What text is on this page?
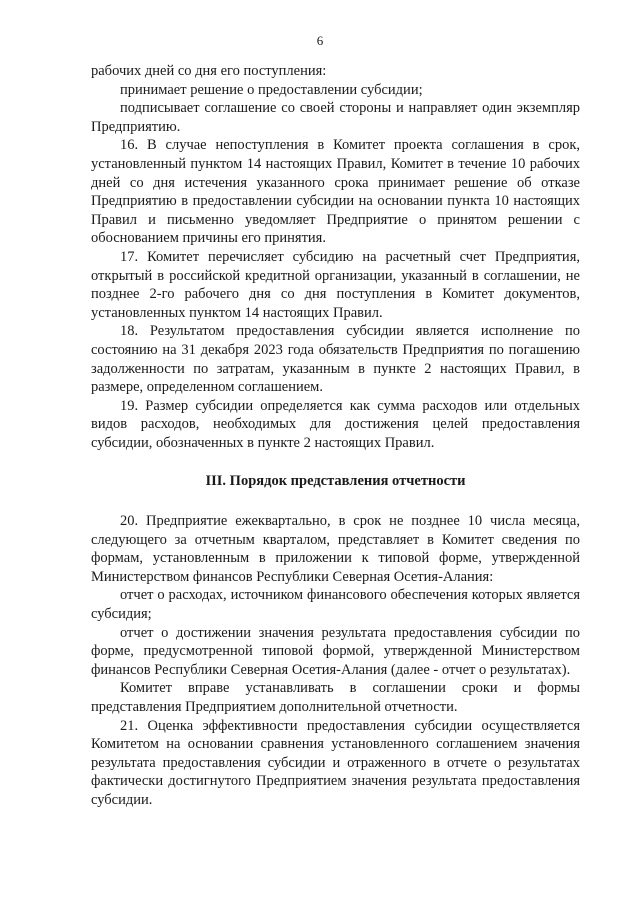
6

рабочих дней со дня его поступления:

принимает решение о предоставлении субсидии;

подписывает соглашение со своей стороны и направляет один экземпляр Предприятию.

16. В случае непоступления в Комитет проекта соглашения в срок, установленный пунктом 14 настоящих Правил, Комитет в течение 10 рабочих дней со дня истечения указанного срока принимает решение об отказе Предприятию в предоставлении субсидии на основании пункта 10 настоящих Правил и письменно уведомляет Предприятие о принятом решении с обоснованием причины его принятия.

17. Комитет перечисляет субсидию на расчетный счет Предприятия, открытый в российской кредитной организации, указанный в соглашении, не позднее 2-го рабочего дня со дня поступления в Комитет документов, установленных пунктом 14 настоящих Правил.

18. Результатом предоставления субсидии является исполнение по состоянию на 31 декабря 2023 года обязательств Предприятия по погашению задолженности по затратам, указанным в пункте 2 настоящих Правил, в размере, определенном соглашением.

19. Размер субсидии определяется как сумма расходов или отдельных видов расходов, необходимых для достижения целей предоставления субсидии, обозначенных в пункте 2 настоящих Правил.

III. Порядок представления отчетности

20. Предприятие ежеквартально, в срок не позднее 10 числа месяца, следующего за отчетным кварталом, представляет в Комитет сведения по формам, установленным в приложении к типовой форме, утвержденной Министерством финансов Республики Северная Осетия-Алания:

отчет о расходах, источником финансового обеспечения которых является субсидия;

отчет о достижении значения результата предоставления субсидии по форме, предусмотренной типовой формой, утвержденной Министерством финансов Республики Северная Осетия-Алания (далее - отчет о результатах).

Комитет вправе устанавливать в соглашении сроки и формы представления Предприятием дополнительной отчетности.

21. Оценка эффективности предоставления субсидии осуществляется Комитетом на основании сравнения установленного соглашением значения результата предоставления субсидии и отраженного в отчете о результатах фактически достигнутого Предприятием значения результата предоставления субсидии.
